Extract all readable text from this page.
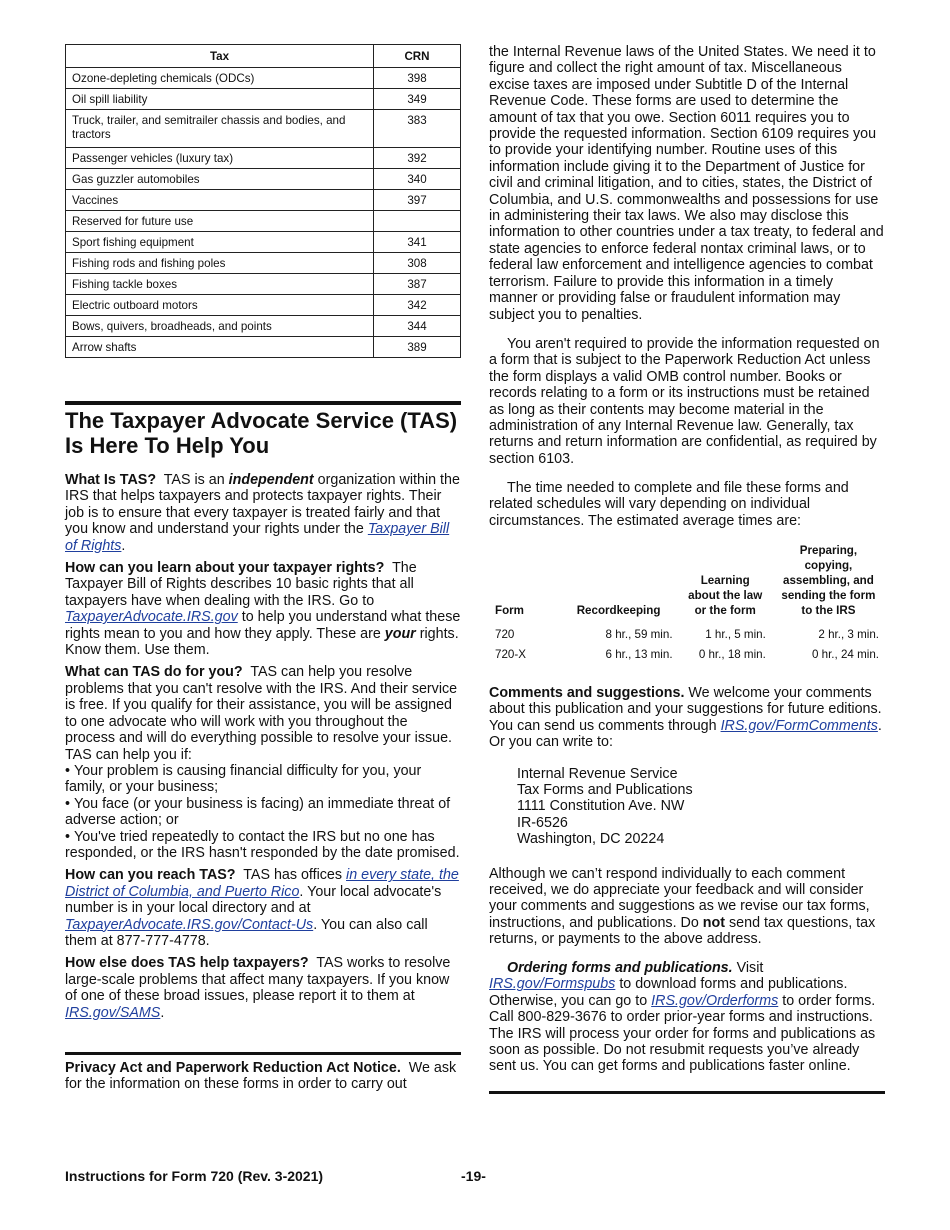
Tax	CRN
Ozone-depleting chemicals (ODCs)	398
Oil spill liability	349
Truck, trailer, and semitrailer chassis and bodies, and tractors	383
Passenger vehicles (luxury tax)	392
Gas guzzler automobiles	340
Vaccines	397
Reserved for future use	
Sport fishing equipment	341
Fishing rods and fishing poles	308
Fishing tackle boxes	387
Electric outboard motors	342
Bows, quivers, broadheads, and points	344
Arrow shafts	389
The Taxpayer Advocate Service (TAS) Is Here To Help You

What Is TAS? TAS is an independent organization within the IRS that helps taxpayers and protects taxpayer rights. Their job is to ensure that every taxpayer is treated fairly and that you know and understand your rights under the Taxpayer Bill of Rights.

How can you learn about your taxpayer rights? The Taxpayer Bill of Rights describes 10 basic rights that all taxpayers have when dealing with the IRS. Go to TaxpayerAdvocate.IRS.gov to help you understand what these rights mean to you and how they apply. These are your rights. Know them. Use them.

What can TAS do for you? TAS can help you resolve problems that you can't resolve with the IRS. And their service is free. If you qualify for their assistance, you will be assigned to one advocate who will work with you throughout the process and will do everything possible to resolve your issue. TAS can help you if:

• Your problem is causing financial difficulty for you, your family, or your business;

• You face (or your business is facing) an immediate threat of adverse action; or

• You've tried repeatedly to contact the IRS but no one has responded, or the IRS hasn't responded by the date promised.

How can you reach TAS? TAS has offices in every state, the District of Columbia, and Puerto Rico. Your local advocate's number is in your local directory and at TaxpayerAdvocate.IRS.gov/Contact-Us. You can also call them at 877-777-4778.

How else does TAS help taxpayers? TAS works to resolve large-scale problems that affect many taxpayers. If you know of one of these broad issues, please report it to them at IRS.gov/SAMS.

Privacy Act and Paperwork Reduction Act Notice. We ask for the information on these forms in order to carry out

the Internal Revenue laws of the United States. We need it to figure and collect the right amount of tax. Miscellaneous excise taxes are imposed under Subtitle D of the Internal Revenue Code. These forms are used to determine the amount of tax that you owe. Section 6011 requires you to provide the requested information. Section 6109 requires you to provide your identifying number. Routine uses of this information include giving it to the Department of Justice for civil and criminal litigation, and to cities, states, the District of Columbia, and U.S. commonwealths and possessions for use in administering their tax laws. We also may disclose this information to other countries under a tax treaty, to federal and state agencies to enforce federal nontax criminal laws, or to federal law enforcement and intelligence agencies to combat terrorism. Failure to provide this information in a timely manner or providing false or fraudulent information may subject you to penalties.

You aren't required to provide the information requested on a form that is subject to the Paperwork Reduction Act unless the form displays a valid OMB control number. Books or records relating to a form or its instructions must be retained as long as their contents may become material in the administration of any Internal Revenue law. Generally, tax returns and return information are confidential, as required by section 6103.

The time needed to complete and file these forms and related schedules will vary depending on individual circumstances. The estimated average times are:

Form	Recordkeeping	Learning about the law or the form	Preparing, copying, assembling, and sending the form to the IRS
720	8 hr., 59 min.	1 hr., 5 min.	2 hr., 3 min.
720-X	6 hr., 13 min.	0 hr., 18 min.	0 hr., 24 min.

Comments and suggestions. We welcome your comments about this publication and your suggestions for future editions. You can send us comments through IRS.gov/FormComments. Or you can write to:

Internal Revenue Service

Tax Forms and Publications

1111 Constitution Ave. NW

IR-6526

Washington, DC 20224

Although we can’t respond individually to each comment received, we do appreciate your feedback and will consider your comments and suggestions as we revise our tax forms, instructions, and publications. Do not send tax questions, tax returns, or payments to the above address.

Ordering forms and publications. Visit IRS.gov/Formspubs to download forms and publications. Otherwise, you can go to IRS.gov/Orderforms to order forms. Call 800-829-3676 to order prior-year forms and instructions. The IRS will process your order for forms and publications as soon as possible. Do not resubmit requests you’ve already sent us. You can get forms and publications faster online.

Instructions for Form 720 (Rev. 3-2021)	-19-
